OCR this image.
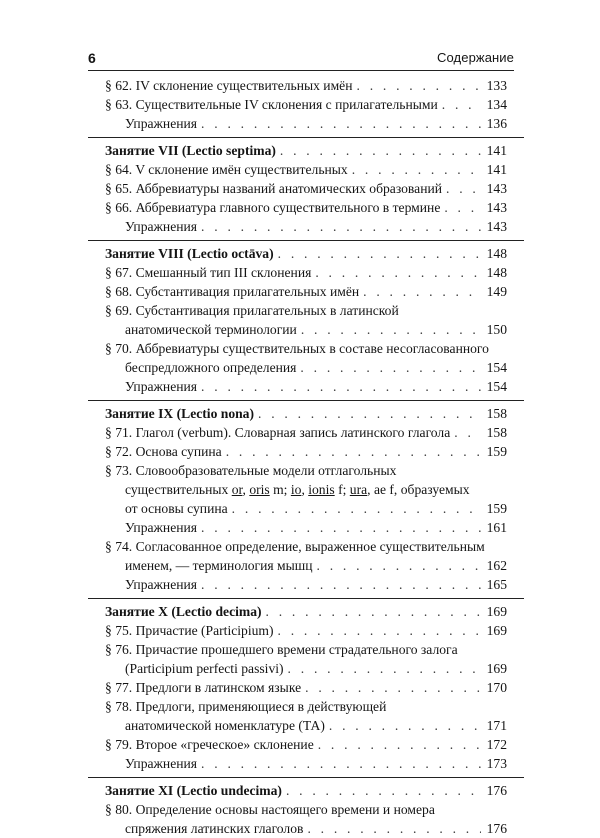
6	Содержание
§ 62. IV склонение существительных имён . . .	133
§ 63. Существительные IV склонения с прилагательными . . .	134
Упражнения . . .	136
Занятие VII (Lectio septima) . . .	141
§ 64. V склонение имён существительных . . .	141
§ 65. Аббревиатуры названий анатомических образований . . .	143
§ 66. Аббревиатура главного существительного в термине . . .	143
Упражнения . . .	143
Занятие VIII (Lectio octāva) . . .	148
§ 67. Смешанный тип III склонения . . .	148
§ 68. Субстантивация прилагательных имён . . .	149
§ 69. Субстантивация прилагательных в латинской
анатомической терминологии . . .	150
§ 70. Аббревиатуры существительных в составе несогласованного
беспредложного определения . . .	154
Упражнения . . .	154
Занятие IX (Lectio nona) . . .	158
§ 71. Глагол (verbum). Словарная запись латинского глагола . . .	158
§ 72. Основа супина . . .	159
§ 73. Словообразовательные модели отглагольных
существительных or, oris m; io, ionis f; ura, ae f, образуемых
от основы супина . . .	159
Упражнения . . .	161
§ 74. Согласованное определение, выраженное существительным
именем, — терминология мышц . . .	162
Упражнения . . .	165
Занятие X (Lectio decima) . . .	169
§ 75. Причастие (Participium) . . .	169
§ 76. Причастие прошедшего времени страдательного залога
(Participium perfecti passivi) . . .	169
§ 77. Предлоги в латинском языке . . .	170
§ 78. Предлоги, применяющиеся в действующей
анатомической номенклатуре (ТА) . . .	171
§ 79. Второе «греческое» склонение . . .	172
Упражнения . . .	173
Занятие XI (Lectio undecima) . . .	176
§ 80. Определение основы настоящего времени и номера
спряжения латинских глаголов . . .	176
